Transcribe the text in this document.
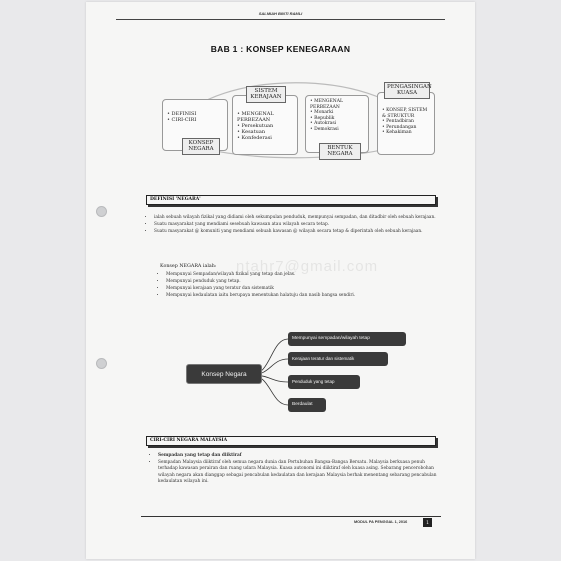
SALMIAH BINTI RAMLI
BAB 1 : KONSEP KENEGARAAN
• DEFINISI
• CIRI-CIRI
KONSEP NEGARA
• MENGENAL PERBEZAAN
• Persekutuan
• Kesatuan
• Konfederasi
SISTEM KERAJAAN
• MENGENAL PERBEZAAN
• Monarki
• Republik
• Autokrasi
• Demokrasi
BENTUK NEGARA
• KONSEP, SISTEM & STRUKTUR
• Pentadbiran
• Perundangan
• Kehakiman
PENGASINGAN KUASA
DEFINISI 'NEGARA'
• ialah sebuah wilayah fizikal yang didiami oleh sekumpulan penduduk, mempunyai sempadan, dan ditadbir oleh sebuah kerajaan.
• Suatu masyarakat yang mendiami sesebuah kawasan atau wilayah secara tetap.
• Suatu masyarakat @ komuniti yang mendiami sebuah kawasan @ wilayah secara tetap & diperintah oleh sebuah kerajaan.
Konsep NEGARA ialah:
• Mempunyai Sempadan/wilayah fizikal yang tetap dan jelas.
• Mempunyai penduduk yang tetap.
• Mempunyai kerajaan yang teratur dan sistematik
• Mempunyai kedaulatan iaitu berupaya menentukan halatuju dan nasib bangsa sendiri.
ntahr7@gmail.com
Konsep Negara
Mempunyai sempadan/wilayah tetap
Kerajaan teratur dan sistematik
Penduduk yang tetap
Berdaulat
CIRI-CIRI NEGARA MALAYSIA
• Sempadan yang tetap dan diiktiraf
• Sempadan Malaysia diiktiraf oleh semua negara dunia dan Pertubuhan Bangsa-Bangsa Bersatu. Malaysia berkuasa penuh terhadap kawasan perairan dan ruang udara Malaysia. Kuasa autonomi ini diiktiraf oleh kuasa asing. Sebarang pencerobohan wilayah negara akan dianggap sebagai pencabulan kedaulatan dan kerajaan Malaysia berhak menentang sebarang pencabulan kedaulatan wilayah ini.
MODUL PA PENGGAL 1, 2016	1
